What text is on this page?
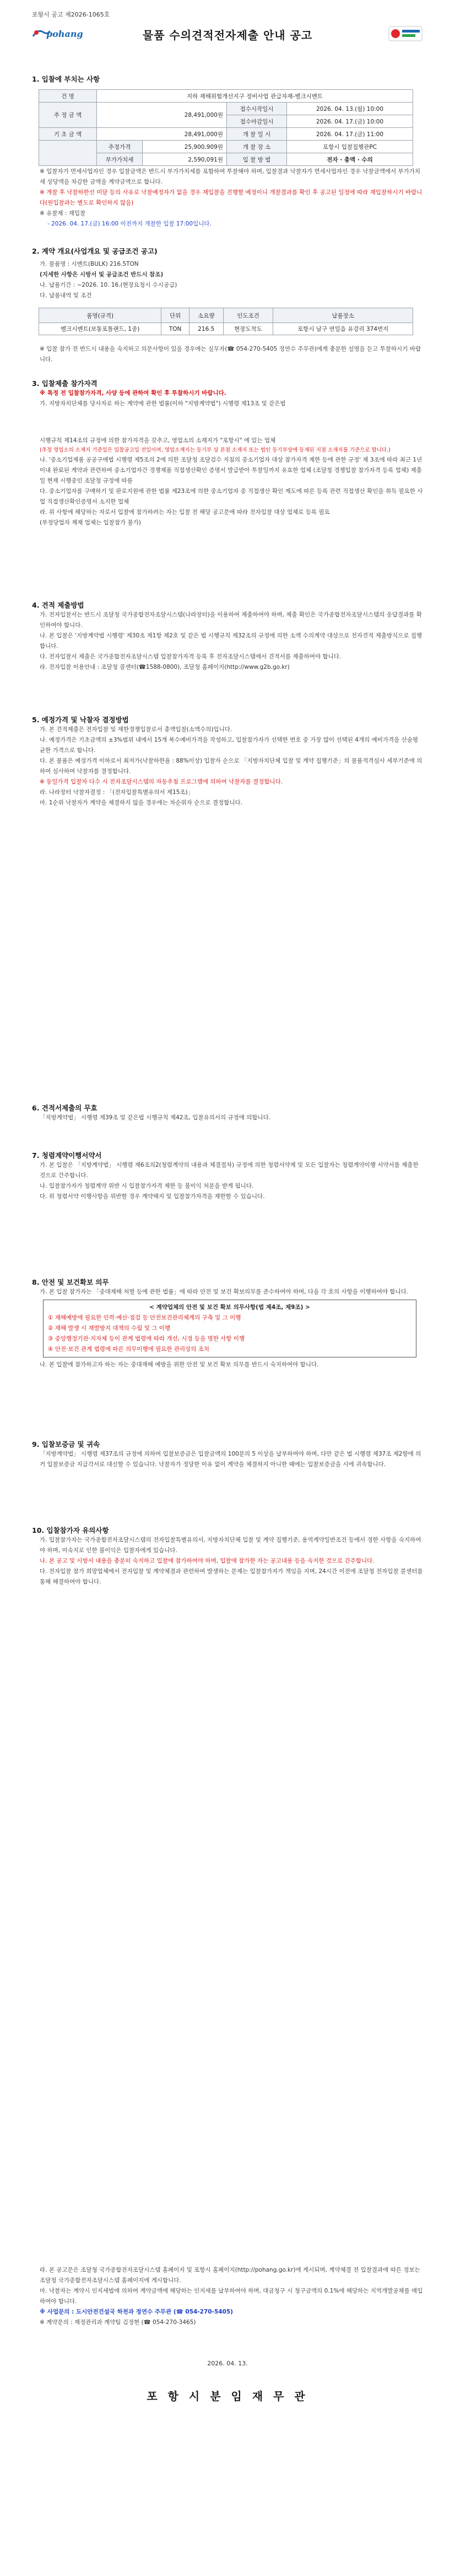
포항시 공고 제2026-1065호
pohang	물품 수의견적전자제출 안내 공고
1. 입찰에 부치는 사항
건 명	지하 재해위험개선지구 정비사업 관급자재-벨크시멘트			
추 정 금 액	28,491,000원		접수시작일시	2026. 04. 13.(월) 10:00
			접수마감일시	2026. 04. 17.(금) 10:00
기 초 금 액	28,491,000원		개 찰 일 시	2026. 04. 17.(금) 11:00
	추정가격	25,900,909원	개 찰 장 소	포항시 입찰집행관PC
	부가가치세	2,590,091원	입 찰 방 법	전자 · 총액 · 수의

※ 입찰자가 면세사업자인 경우 입찰금액은 반드시 부가가치세를 포함하여 투찰해야 하며, 입찰결과 낙찰자가 면세사업자인 경우 낙찰금액에서 부가가치세 상당액을 차감한 금액을 계약금액으로 합니다.

※ 개찰 후 낙찰하한선 미달 등의 사유로 낙찰예정자가 없을 경우 재입찰을 진행할 예정이니 개찰결과를 확인 후 공고된 일정에 따라 재입찰하시기 바랍니다(원입찰과는 별도로 확인하지 않음)

※ 유찰재 : 재입찰

- 2026. 04. 17.(금) 16:00 이전까지 개찰한 입찰 17:00입니다.

2. 계약 개요(사업개요 및 공급조건 공고)

가. 물품명 : 시멘트(BULK) 216.5TON

(지세한 사항은 시방서 및 공급조건 반드시 참조)

나. 납품기간 : ~2026. 10. 16.(현장요청시 수시공급)

다. 납품내역 및 조건

품명(규격)	단위	소요량	인도조건	납품장소
벨크시멘트(보통포틀랜드, 1종)	TON	216.5	현장도착도	포항시 남구 연일읍 유강리 374번지

※ 입찰 참가 전 반드시 내용을 숙지하고 의문사항이 있을 경우에는 실무자(☎ 054-270-5405 정연수 주무관)에게 충분한 설명을 듣고 투찰하시기 바랍니다.

3. 입찰제출 참가자격

※ 특정 전 입찰참가자격, 사양 등에 관하여 확인 후 투찰하시기 바랍니다.

가. 지방자치단체를 당사자로 하는 계약에 관한 법률(이하 "지방계약법") 시행령 제13조 및 같은법

시행규칙 제14조의 규정에 의한 참가자격을 갖추고, 영업소의 소재지가 "포항시" 에 있는 업체

(추정 영업소의 소재지 기준일은 입찰공고일 전일이며, 영업소재지는 등기부 상 본점 소재지 또는 법인 등기부상에 등재된 지점 소재지를 기준으로 합니다.)

나. '중소기업제품 공공구매법 시행령 제5조의 2에 의한 조달청 조달검수 지침의 중소기업자 대상 참가자격 제한 등에 관한 규정' 제 3조에 따라 최근 1년 이내 완료된 계약과 관련하여 중소기업자간 경쟁제품 직접생산확인 증명서 발급받아 투찰일까지 유효한 업체 (조달청 경쟁입찰 참가자격 등록 업체) 제출일 현재 시행중인 조달청 규정에 따름

다. 중소기업자를 구매하기 및 판로지원에 관한 법률 제23조에 의한 중소기업자 중 직접생산 확인 제도에 따른 등록 관련 직접생산 확인을 취득 필요한 사업 직접생산확인증명서 소지한 업체

라. 위 사항에 해당하는 자로서 입찰에 참가하려는 자는 입찰 전 해당 공고문에 따라 전자입찰 대상 업체로 등록 필요

(부정당업자 제재 업체는 입찰참가 불가)

4. 견적 제출방법

가. 전자입찰서는 반드시 조달청 국가종합전자조달시스템(나라장터)을 이용하여 제출하여야 하며, 제출 확인은 국가종합전자조달시스템의 응답결과를 확인하여야 합니다.

나. 본 입찰은 '지방계약법 시행령' 제30조 제1항 제2호 및 같은 법 시행규칙 제32조의 규정에 의한 소액 수의계약 대상으로 전자견적 제출방식으로 집행합니다.

다. 전자입찰서 제출은 국가종합전자조달시스템 입찰참가자격 등록 후 전자조달시스템에서 견적서를 제출하여야 합니다.

라. 전자입찰 이용안내 : 조달청 콜센터(☎1588-0800), 조달청 홈페이지(http://www.g2b.go.kr)

5. 예정가격 및 낙찰자 결정방법

가. 본 견적제출은 전자입찰 및 제한경쟁입찰로서 총액입찰(소액수의)입니다.

나. 예정가격은 기초금액의 ±3%범위 내에서 15개 복수예비가격을 작성하고, 입찰참가자가 선택한 번호 중 가장 많이 선택된 4개의 예비가격을 산술평균한 가격으로 합니다.

다. 본 물품은 예정가격 이하로서 최저가(낙찰하한율 : 88%이상) 입찰자 순으로 「지방자치단체 입찰 및 계약 집행기준」의 물품적격심사 세부기준에 의하여 심사하여 낙찰자를 결정합니다.

※ 동일가격 입찰자 다수 시 전자조달시스템의 자동추첨 프로그램에 의하여 낙찰자를 결정합니다.

라. 나라장터 낙찰자결정 : 「(전자입찰특별유의서 제15조)」

마. 1순위 낙찰자가 계약을 체결하지 않을 경우에는 차순위자 순으로 결정합니다.

6. 견적서제출의 무효

「지방계약법」 시행령 제39조 및 같은법 시행규칙 제42조, 입찰유의서의 규정에 의합니다.

7. 청렴계약이행서약서

가. 본 입찰은 「지방계약법」 시행령 제6조의2(청렴계약의 내용과 체결절차) 규정에 의한 청렴서약제 및 모든 입찰자는 청렴계약이행 서약서를 제출한 것으로 간주합니다.

나. 입찰참가자가 청렴계약 위반 시 입찰참가자격 제한 등 불이익 처분을 받게 됩니다.

다. 위 청렴서약 이행사항을 위반할 경우 계약해지 및 입찰참가자격을 제한할 수 있습니다.

8. 안전 및 보건확보 의무

가. 본 입찰 참가자는 「중대재해 처벌 등에 관한 법률」에 따라 안전 및 보건 확보의무를 준수하여야 하며, 다음 각 호의 사항을 이행하여야 합니다.

< 계약업체의 안전 및 보건 확보 의무사항(법 제4조, 제9조) >
① 재해예방에 필요한 인력·예산·점검 등 안전보건관리체계의 구축 및 그 이행
② 재해 발생 시 재발방지 대책의 수립 및 그 이행
③ 중앙행정기관·지자체 등이 관계 법령에 따라 개선, 시정 등을 명한 사항 이행
④ 안전·보건 관계 법령에 따른 의무이행에 필요한 관리상의 조치

나. 본 입찰에 참가하고자 하는 자는 중대재해 예방을 위한 안전 및 보건 확보 의무를 반드시 숙지하여야 합니다.

9. 입찰보증금 및 귀속

「지방계약법」 시행령 제37조의 규정에 의하여 입찰보증금은 입찰금액의 100분의 5 이상을 납부하여야 하며, 다만 같은 법 시행령 제37조 제2항에 의거 입찰보증금 지급각서로 대신할 수 있습니다. 낙찰자가 정당한 이유 없이 계약을 체결하지 아니한 때에는 입찰보증금을 시에 귀속합니다.

10. 입찰참가자 유의사항

가. 입찰참가자는 국가종합전자조달시스템의 전자입찰특별유의서, 지방자치단체 입찰 및 계약 집행기준, 용역계약일반조건 등에서 정한 사항을 숙지하여야 하며, 미숙지로 인한 불이익은 입찰자에게 있습니다.

나. 본 공고 및 시방서 내용을 충분히 숙지하고 입찰에 참가하여야 하며, 입찰에 참가한 자는 공고내용 등을 숙지한 것으로 간주합니다.

다. 전자입찰 참가 희망업체에서 전자입찰 및 계약체결과 관련하여 발생하는 문제는 입찰참가자가 책임을 지며, 24시간 이전에 조달청 전자입찰 콜센터를 통해 해결하여야 합니다.

라. 본 공고문은 조달청 국가종합전자조달시스템 홈페이지 및 포항시 홈페이지(http://pohang.go.kr)에 게시되며, 계약체결 전 입찰결과에 따른 정보는 조달청 국가종합전자조달시스템 홈페이지에 게시합니다.

마. 낙찰자는 계약시 인지세법에 의하여 계약금액에 해당하는 인지세를 납부하여야 하며, 대금청구 시 청구금액의 0.1%에 해당하는 지역개발공채를 매입하여야 합니다.

※ 사업문의 : 도시안전건설국 하천과 정연수 주무관 (☎ 054-270-5405)

※ 계약문의 : 재정관리과 계약팀 김정현 (☎ 054-270-3465)

2026. 04. 13.
포 항 시 분 임 재 무 관
